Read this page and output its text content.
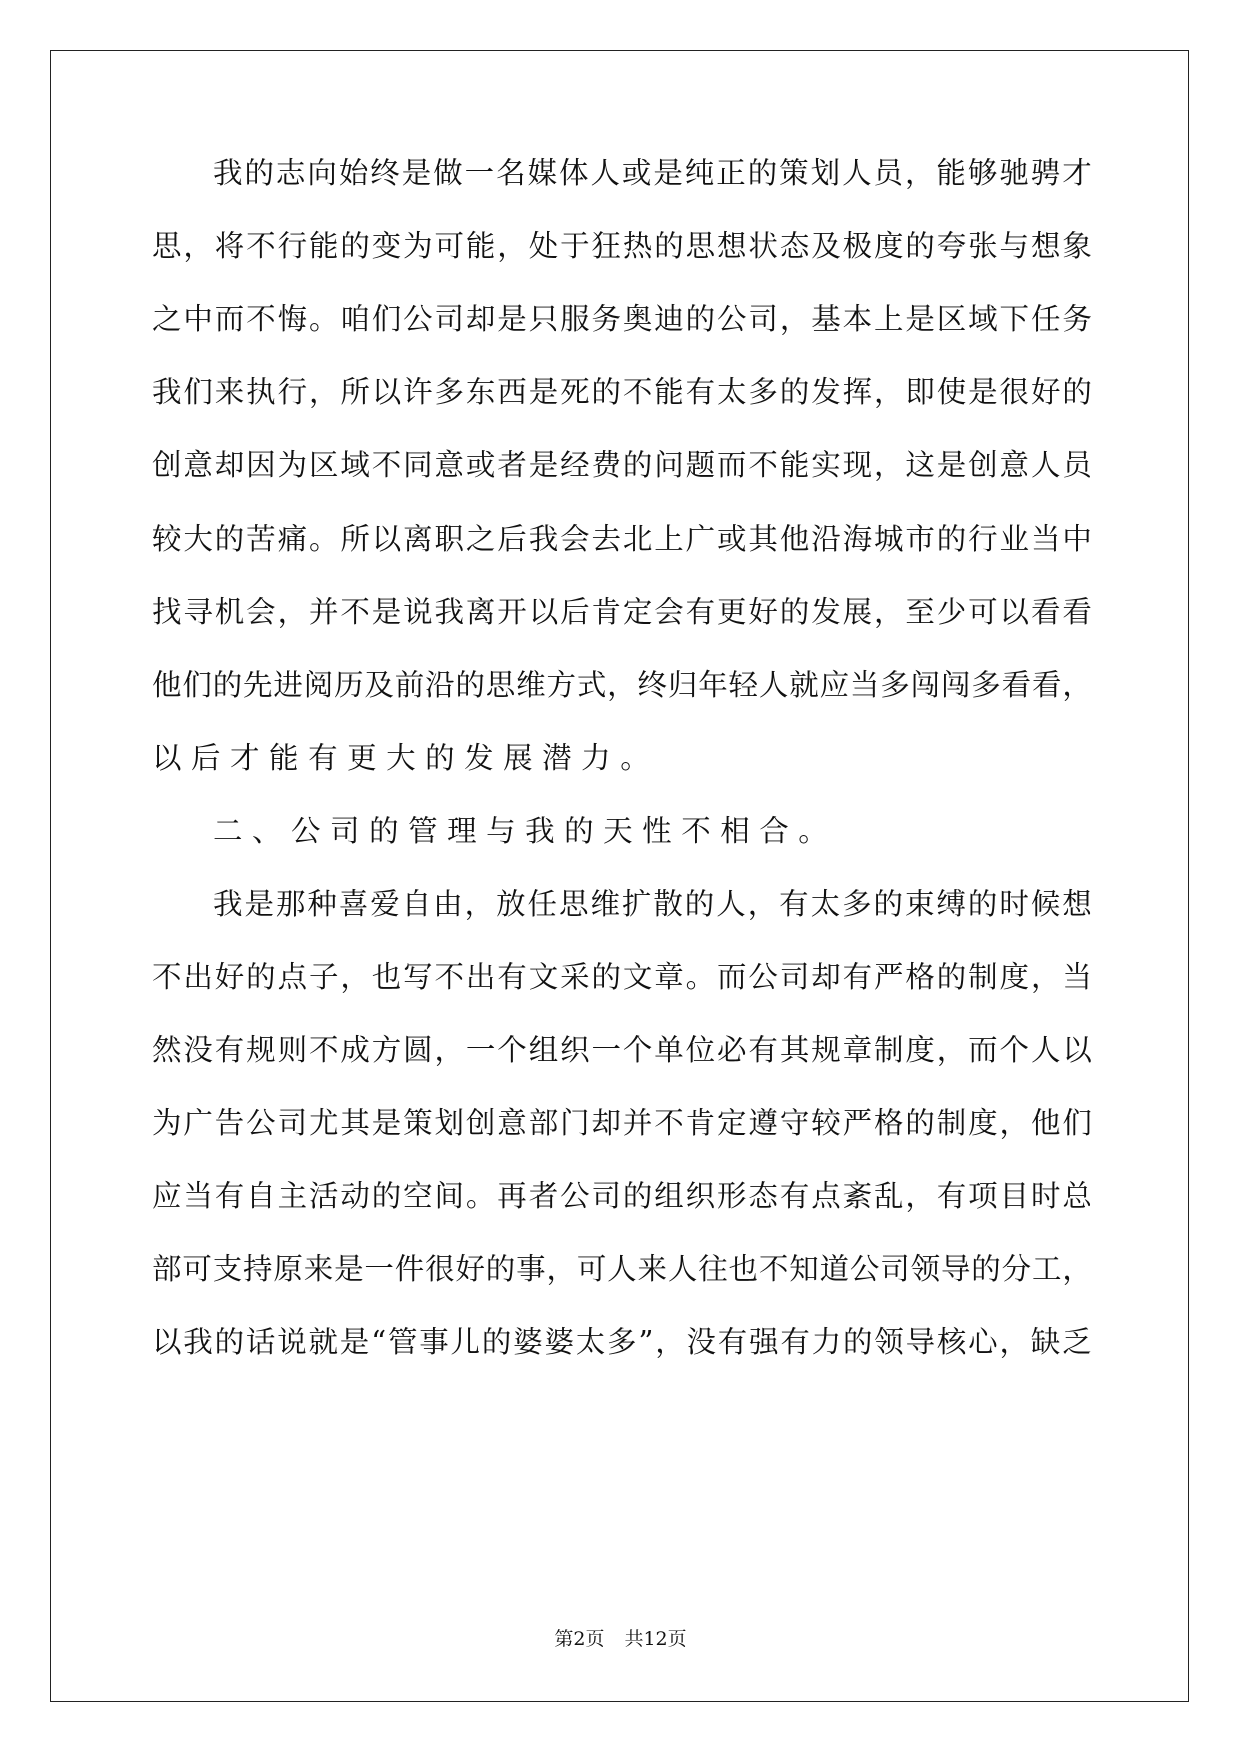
我 的 志 向 始 终 是 做 一 名 媒 体 人 或 是 纯 正 的 策 划 人 员 ， 能 够 驰 骋 才
思 ， 将 不 行 能 的 变 为 可 能 ， 处 于 狂 热 的 思 想 状 态 及 极 度 的 夸 张 与 想 象
之 中 而 不 悔 。 咱 们 公 司 却 是 只 服 务 奥 迪 的 公 司 ， 基 本 上 是 区 域 下 任 务
我 们 来 执 行 ， 所 以 许 多 东 西 是 死 的 不 能 有 太 多 的 发 挥 ， 即 使 是 很 好 的
创 意 却 因 为 区 域 不 同 意 或 者 是 经 费 的 问 题 而 不 能 实 现 ， 这 是 创 意 人 员
较 大 的 苦 痛 。 所 以 离 职 之 后 我 会 去 北 上 广 或 其 他 沿 海 城 市 的 行 业 当 中
找 寻 机 会 ， 并 不 是 说 我 离 开 以 后 肯 定 会 有 更 好 的 发 展 ， 至 少 可 以 看 看
他 们 的 先 进 阅 历 及 前 沿 的 思 维 方 式 ， 终 归 年 轻 人 就 应 当 多 闯 闯 多 看 看 ，
以 后 才 能 有 更 大 的 发 展 潜 力 。
二 、 公 司 的 管 理 与 我 的 天 性 不 相 合 。
我 是 那 种 喜 爱 自 由 ， 放 任 思 维 扩 散 的 人 ， 有 太 多 的 束 缚 的 时 候 想
不 出 好 的 点 子 ， 也 写 不 出 有 文 采 的 文 章 。 而 公 司 却 有 严 格 的 制 度 ， 当
然 没 有 规 则 不 成 方 圆 ， 一 个 组 织 一 个 单 位 必 有 其 规 章 制 度 ， 而 个 人 以
为 广 告 公 司 尤 其 是 策 划 创 意 部 门 却 并 不 肯 定 遵 守 较 严 格 的 制 度 ， 他 们
应 当 有 自 主 活 动 的 空 间 。 再 者 公 司 的 组 织 形 态 有 点 紊 乱 ， 有 项 目 时 总
部 可 支 持 原 来 是 一 件 很 好 的 事 ， 可 人 来 人 往 也 不 知 道 公 司 领 导 的 分 工 ，
以 我 的 话 说 就 是 “ 管 事 儿 的 婆 婆 太 多 ” ， 没 有 强 有 力 的 领 导 核 心 ， 缺 乏
第2页 共12页
